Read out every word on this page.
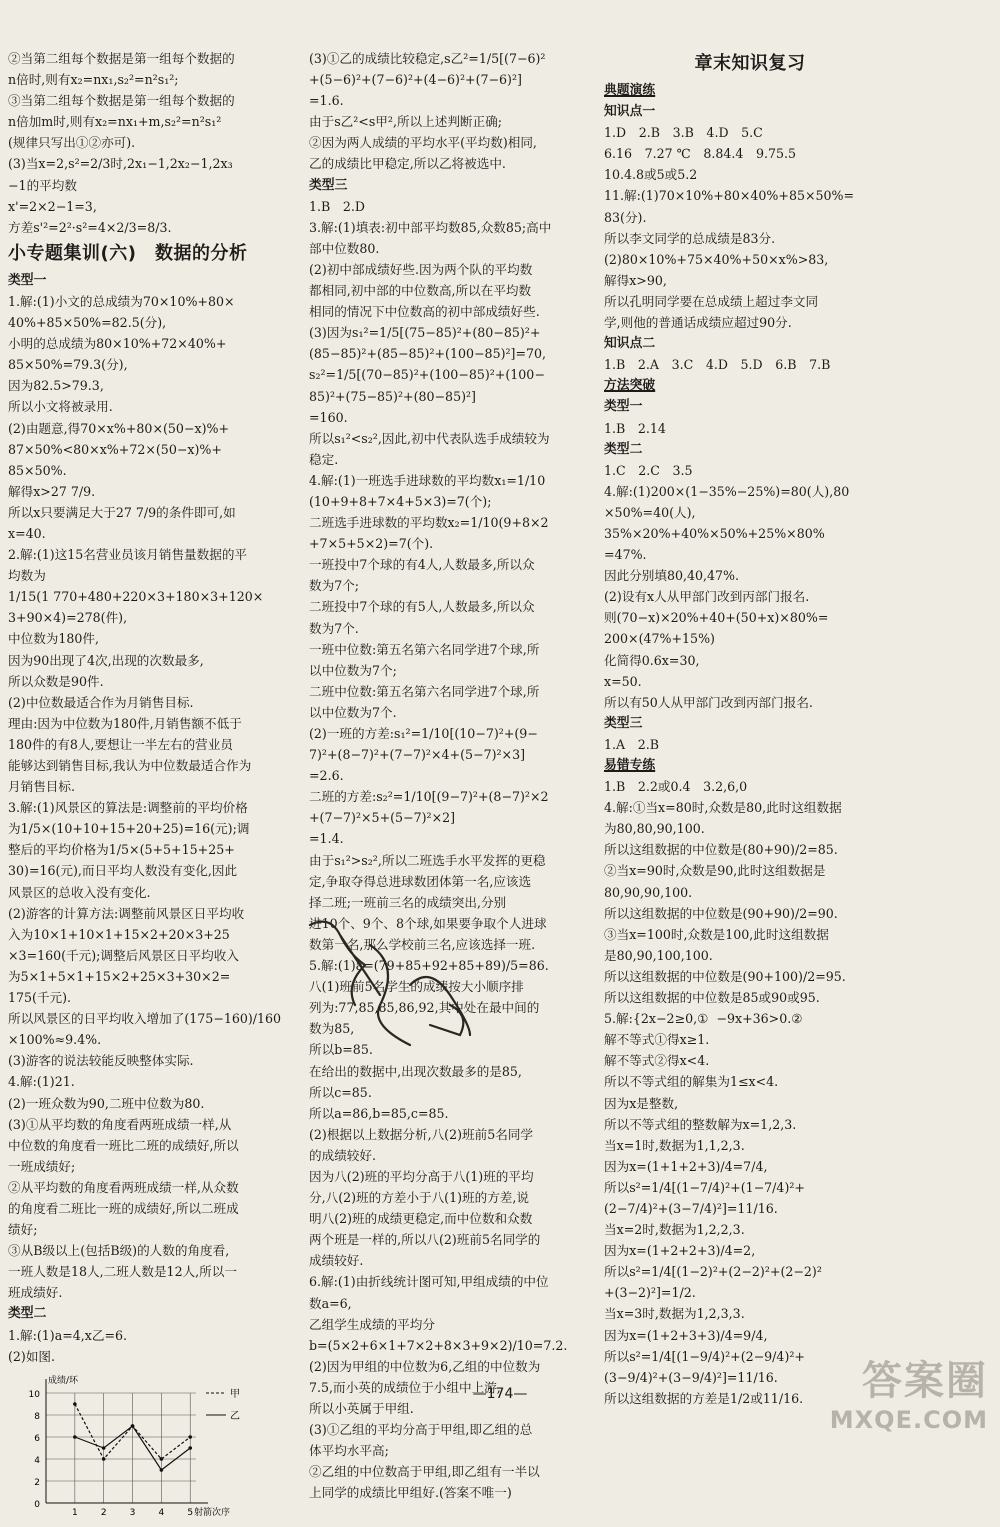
②当第二组每个数据是第一组每个数据的
n倍时,则有x₂=nx₁,s₂²=n²s₁²;
③当第二组每个数据是第一组每个数据的
n倍加m时,则有x₂=nx₁+m,s₂²=n²s₁²
(规律只写出①②亦可).
(3)当x=2,s²=2/3时,2x₁−1,2x₂−1,2x₃
−1的平均数
x'=2×2−1=3,
方差s'²=2²·s²=4×2/3=8/3.
小专题集训(六)　数据的分析
类型一
1.解:(1)小文的总成绩为70×10%+80×
40%+85×50%=82.5(分),
小明的总成绩为80×10%+72×40%+
85×50%=79.3(分),
因为82.5>79.3,
所以小文将被录用.
(2)由题意,得70×x%+80×(50−x)%+
87×50%<80×x%+72×(50−x)%+
85×50%.
解得x>27 7/9.
所以x只要满足大于27 7/9的条件即可,如
x=40.
2.解:(1)这15名营业员该月销售量数据的平
均数为
1/15(1 770+480+220×3+180×3+120×
3+90×4)=278(件),
中位数为180件,
因为90出现了4次,出现的次数最多,
所以众数是90件.
(2)中位数最适合作为月销售目标.
理由:因为中位数为180件,月销售额不低于
180件的有8人,要想让一半左右的营业员
能够达到销售目标,我认为中位数最适合作为
月销售目标.
3.解:(1)风景区的算法是:调整前的平均价格
为1/5×(10+10+15+20+25)=16(元);调
整后的平均价格为1/5×(5+5+15+25+
30)=16(元),而日平均人数没有变化,因此
风景区的总收入没有变化.
(2)游客的计算方法:调整前风景区日平均收
入为10×1+10×1+15×2+20×3+25
×3=160(千元);调整后风景区日平均收入
为5×1+5×1+15×2+25×3+30×2=
175(千元).
所以风景区的日平均收入增加了(175−160)/160
×100%≈9.4%.
(3)游客的说法较能反映整体实际.
4.解:(1)21.
(2)一班众数为90,二班中位数为80.
(3)①从平均数的角度看两班成绩一样,从
中位数的角度看一班比二班的成绩好,所以
一班成绩好;
②从平均数的角度看两班成绩一样,从众数
的角度看二班比一班的成绩好,所以二班成
绩好;
③从B级以上(包括B级)的人数的角度看,
一班人数是18人,二班人数是12人,所以一
班成绩好.
类型二
1.解:(1)a=4,x乙=6.
(2)如图.
0
2
4
6
8
10
1	2	3	4	5
成绩/环
射箭次序
甲
乙
(3)①乙的成绩比较稳定,s乙²=1/5[(7−6)²
+(5−6)²+(7−6)²+(4−6)²+(7−6)²]
=1.6.
由于s乙²<s甲²,所以上述判断正确;
②因为两人成绩的平均水平(平均数)相同,
乙的成绩比甲稳定,所以乙将被选中.
类型三
1.B　2.D
3.解:(1)填表:初中部平均数85,众数85;高中
部中位数80.
(2)初中部成绩好些.因为两个队的平均数
都相同,初中部的中位数高,所以在平均数
相同的情况下中位数高的初中部成绩好些.
(3)因为s₁²=1/5[(75−85)²+(80−85)²+
(85−85)²+(85−85)²+(100−85)²]=70,
s₂²=1/5[(70−85)²+(100−85)²+(100−
85)²+(75−85)²+(80−85)²]
=160.
所以s₁²<s₂²,因此,初中代表队选手成绩较为
稳定.
4.解:(1)一班选手进球数的平均数x₁=1/10
(10+9+8+7×4+5×3)=7(个);
二班选手进球数的平均数x₂=1/10(9+8×2
+7×5+5×2)=7(个).
一班投中7个球的有4人,人数最多,所以众
数为7个;
二班投中7个球的有5人,人数最多,所以众
数为7个.
一班中位数:第五名第六名同学进7个球,所
以中位数为7个;
二班中位数:第五名第六名同学进7个球,所
以中位数为7个.
(2)一班的方差:s₁²=1/10[(10−7)²+(9−
7)²+(8−7)²+(7−7)²×4+(5−7)²×3]
=2.6.
二班的方差:s₂²=1/10[(9−7)²+(8−7)²×2
+(7−7)²×5+(5−7)²×2]
=1.4.
由于s₁²>s₂²,所以二班选手水平发挥的更稳
定,争取夺得总进球数团体第一名,应该选
择二班;一班前三名的成绩突出,分别
进10个、9个、8个球,如果要争取个人进球
数第一名,那么学校前三名,应该选择一班.
5.解:(1)a=(79+85+92+85+89)/5=86.
八(1)班前5名学生的成绩按大小顺序排
列为:77,85,85,86,92,其中处在最中间的
数为85,
所以b=85.
在给出的数据中,出现次数最多的是85,
所以c=85.
所以a=86,b=85,c=85.
(2)根据以上数据分析,八(2)班前5名同学
的成绩较好.
因为八(2)班的平均分高于八(1)班的平均
分,八(2)班的方差小于八(1)班的方差,说
明八(2)班的成绩更稳定,而中位数和众数
两个班是一样的,所以八(2)班前5名同学的
成绩较好.
6.解:(1)由折线统计图可知,甲组成绩的中位
数a=6,
乙组学生成绩的平均分
b=(5×2+6×1+7×2+8×3+9×2)/10=7.2.
(2)因为甲组的中位数为6,乙组的中位数为
7.5,而小英的成绩位于小组中上游,
所以小英属于甲组.
(3)①乙组的平均分高于甲组,即乙组的总
体平均水平高;
②乙组的中位数高于甲组,即乙组有一半以
上同学的成绩比甲组好.(答案不唯一)
章末知识复习
典题演练
知识点一
1.D　2.B　3.B　4.D　5.C
6.16　7.27 ℃　8.84.4　9.75.5
10.4.8或5或5.2
11.解:(1)70×10%+80×40%+85×50%=
83(分).
所以李文同学的总成绩是83分.
(2)80×10%+75×40%+50×x%>83,
解得x>90,
所以孔明同学要在总成绩上超过李文同
学,则他的普通话成绩应超过90分.
知识点二
1.B　2.A　3.C　4.D　5.D　6.B　7.B
方法突破
类型一
1.B　2.14
类型二
1.C　2.C　3.5
4.解:(1)200×(1−35%−25%)=80(人),80
×50%=40(人),
35%×20%+40%×50%+25%×80%
=47%.
因此分别填80,40,47%.
(2)设有x人从甲部门改到丙部门报名.
则(70−x)×20%+40+(50+x)×80%=
200×(47%+15%)
化简得0.6x=30,
x=50.
所以有50人从甲部门改到丙部门报名.
类型三
1.A　2.B
易错专练
1.B　2.2或0.4　3.2,6,0
4.解:①当x=80时,众数是80,此时这组数据
为80,80,90,100.
所以这组数据的中位数是(80+90)/2=85.
②当x=90时,众数是90,此时这组数据是
80,90,90,100.
所以这组数据的中位数是(90+90)/2=90.
③当x=100时,众数是100,此时这组数据
是80,90,100,100.
所以这组数据的中位数是(90+100)/2=95.
所以这组数据的中位数是85或90或95.
5.解:{2x−2≥0,①  −9x+36>0.②
解不等式①得x≥1.
解不等式②得x<4.
所以不等式组的解集为1≤x<4.
因为x是整数,
所以不等式组的整数解为x=1,2,3.
当x=1时,数据为1,1,2,3.
因为x=(1+1+2+3)/4=7/4,
所以s²=1/4[(1−7/4)²+(1−7/4)²+
(2−7/4)²+(3−7/4)²]=11/16.
当x=2时,数据为1,2,2,3.
因为x=(1+2+2+3)/4=2,
所以s²=1/4[(1−2)²+(2−2)²+(2−2)²
+(3−2)²]=1/2.
当x=3时,数据为1,2,3,3.
因为x=(1+2+3+3)/4=9/4,
所以s²=1/4[(1−9/4)²+(2−9/4)²+
(3−9/4)²+(3−9/4)²]=11/16.
所以这组数据的方差是1/2或11/16.
—174—	答案圈
MXQE.COM
